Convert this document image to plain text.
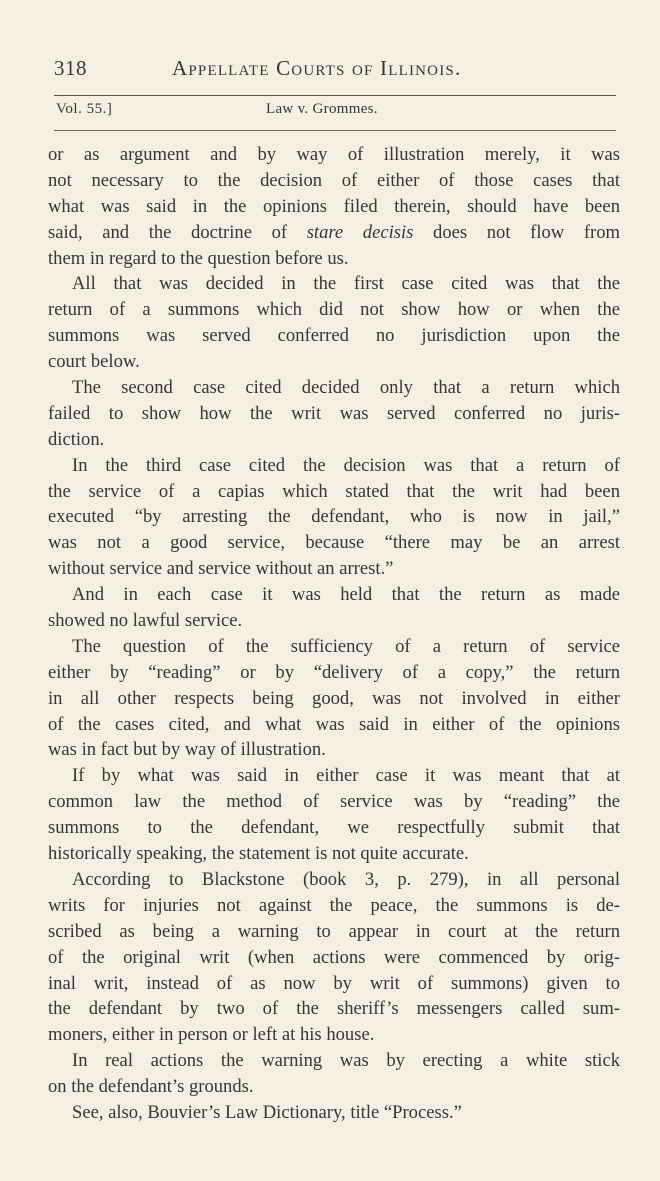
318	Appellate Courts of Illinois.
Vol. 55.]	Law v. Grommes.
or as argument and by way of illustration merely, it was
not necessary to the decision of either of those cases that
what was said in the opinions filed therein, should have been
said, and the doctrine of stare decisis does not flow from
them in regard to the question before us.
All that was decided in the first case cited was that the
return of a summons which did not show how or when the
summons was served conferred no jurisdiction upon the
court below.
The second case cited decided only that a return which
failed to show how the writ was served conferred no juris-
diction.
In the third case cited the decision was that a return of
the service of a capias which stated that the writ had been
executed “by arresting the defendant, who is now in jail,”
was not a good service, because “there may be an arrest
without service and service without an arrest.”
And in each case it was held that the return as made
showed no lawful service.
The question of the sufficiency of a return of service
either by “reading” or by “delivery of a copy,” the return
in all other respects being good, was not involved in either
of the cases cited, and what was said in either of the opinions
was in fact but by way of illustration.
If by what was said in either case it was meant that at
common law the method of service was by “reading” the
summons to the defendant, we respectfully submit that
historically speaking, the statement is not quite accurate.
According to Blackstone (book 3, p. 279), in all personal
writs for injuries not against the peace, the summons is de-
scribed as being a warning to appear in court at the return
of the original writ (when actions were commenced by orig-
inal writ, instead of as now by writ of summons) given to
the defendant by two of the sheriff’s messengers called sum-
moners, either in person or left at his house.
In real actions the warning was by erecting a white stick
on the defendant’s grounds.
See, also, Bouvier’s Law Dictionary, title “Process.”
